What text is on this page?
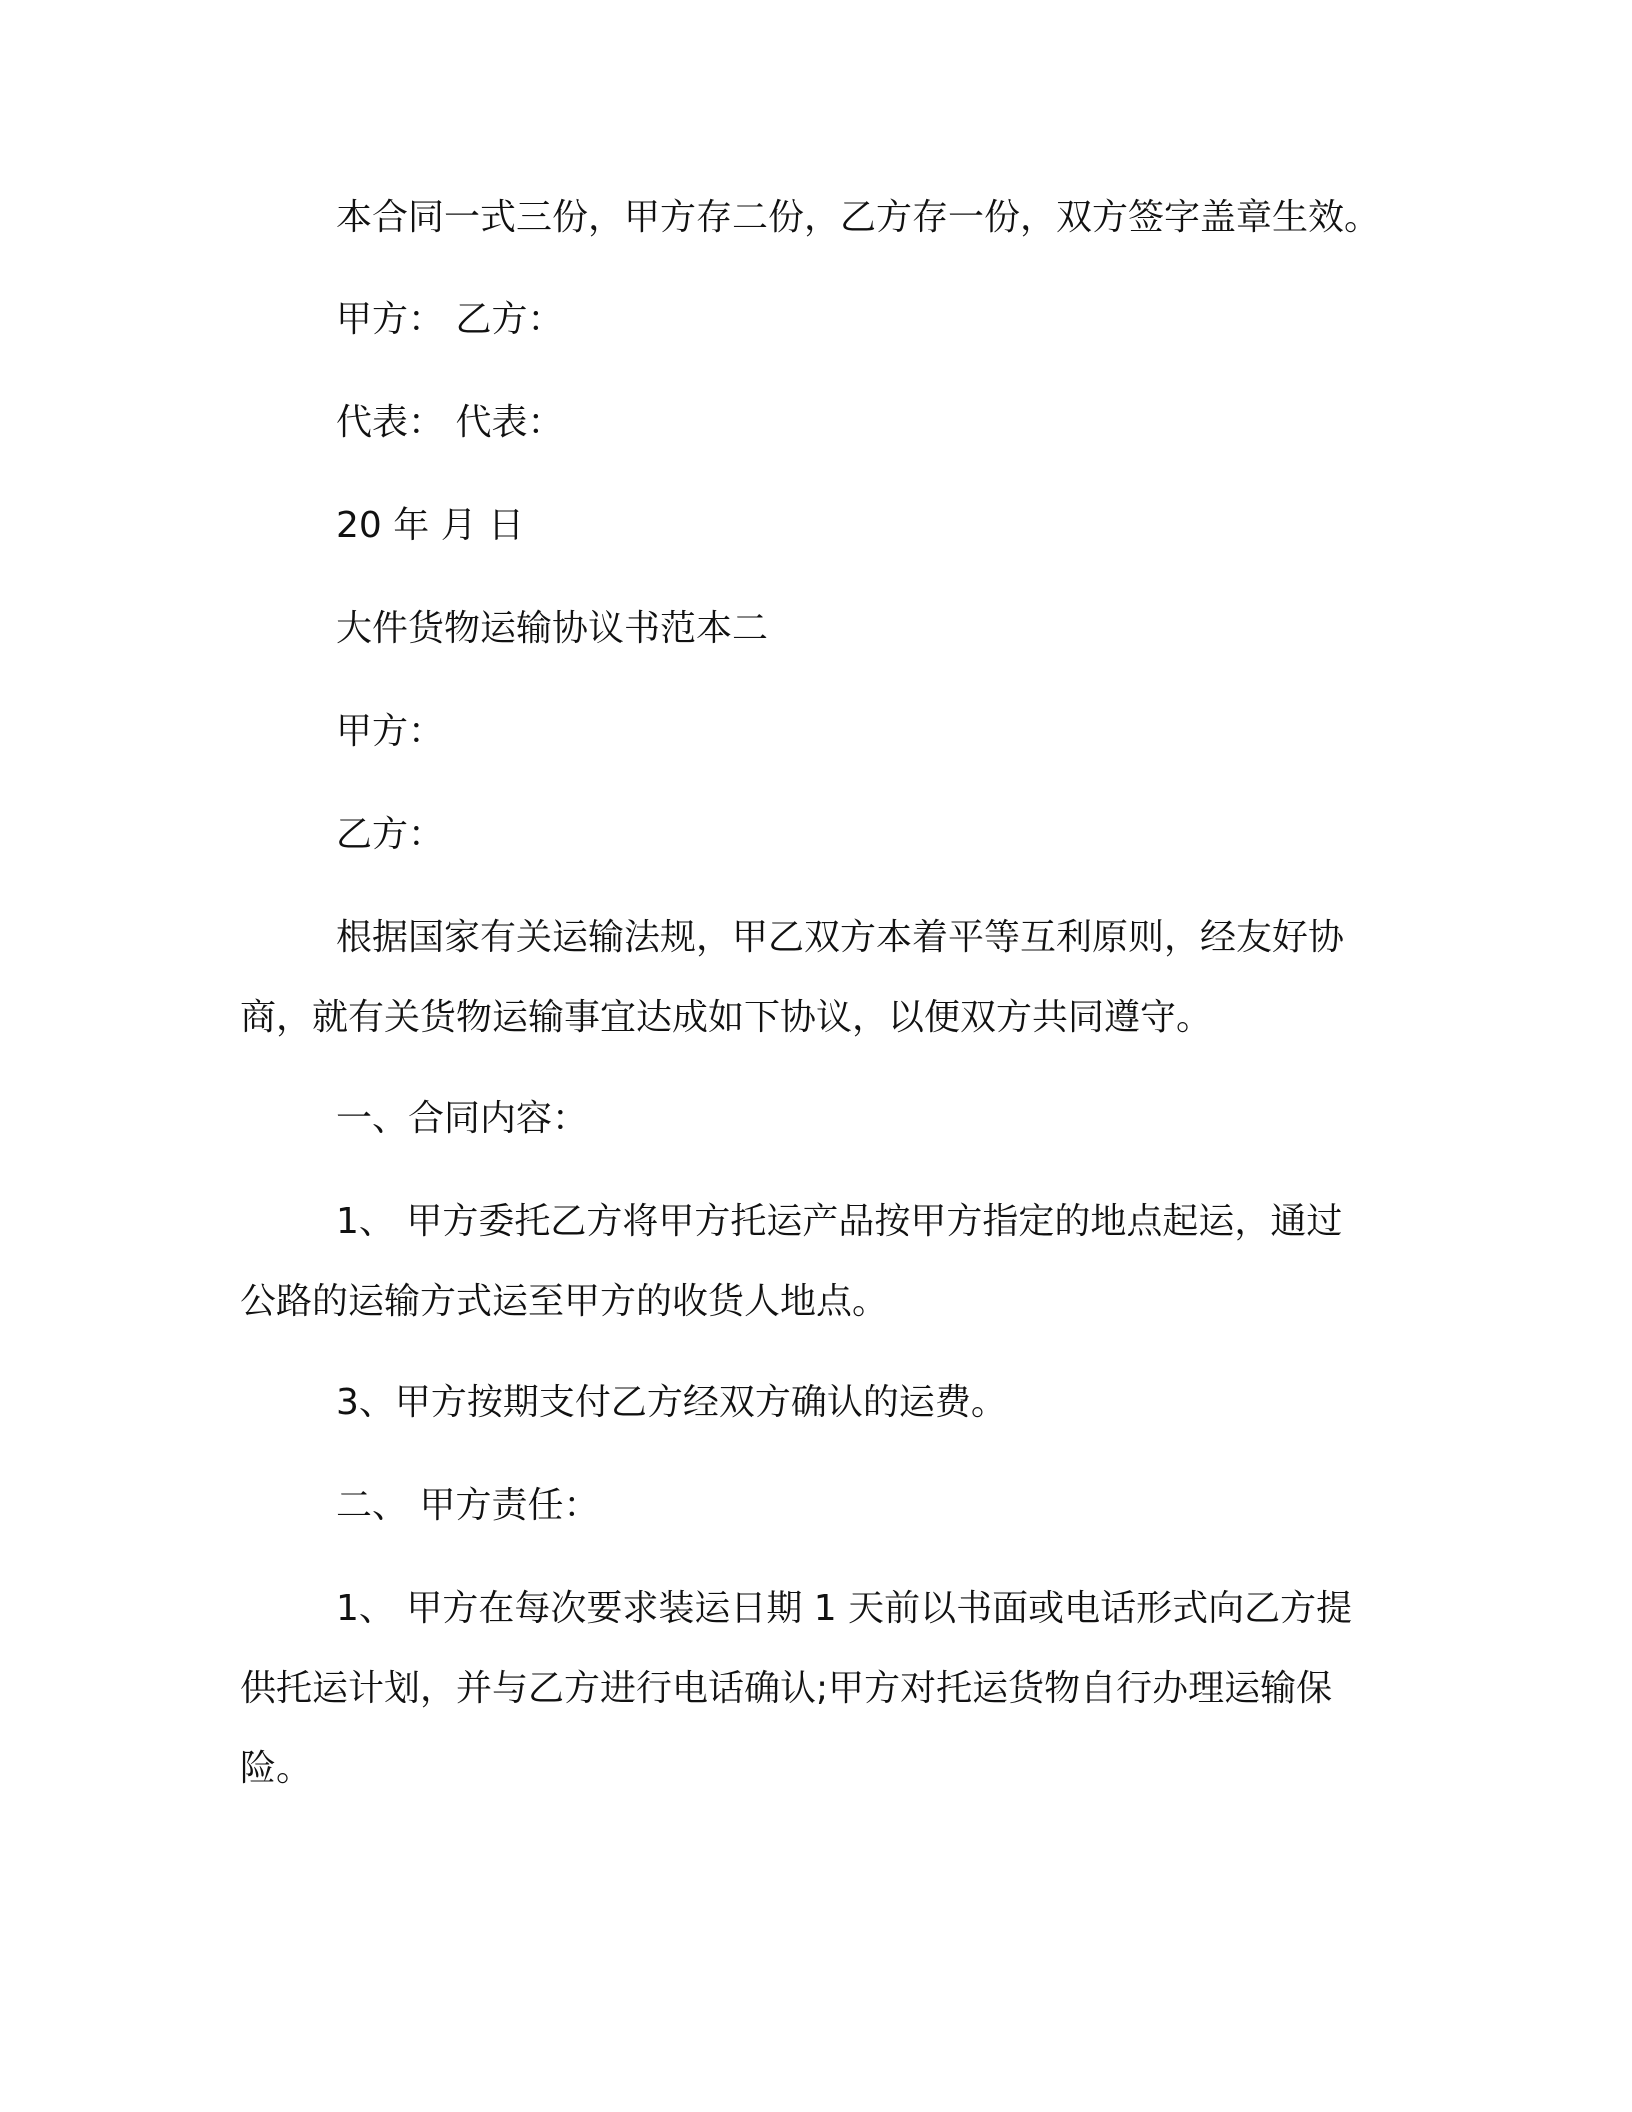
本合同一式三份，甲方存二份，乙方存一份，双方签字盖章生效。

甲方： 乙方：

代表： 代表：

20 年 月 日

大件货物运输协议书范本二

甲方：

乙方：

根据国家有关运输法规，甲乙双方本着平等互利原则，经友好协
商，就有关货物运输事宜达成如下协议，以便双方共同遵守。

一、合同内容：

1、 甲方委托乙方将甲方托运产品按甲方指定的地点起运，通过
公路的运输方式运至甲方的收货人地点。

3、甲方按期支付乙方经双方确认的运费。

二、 甲方责任：

1、 甲方在每次要求装运日期 1 天前以书面或电话形式向乙方提
供托运计划，并与乙方进行电话确认;甲方对托运货物自行办理运输保
险。
